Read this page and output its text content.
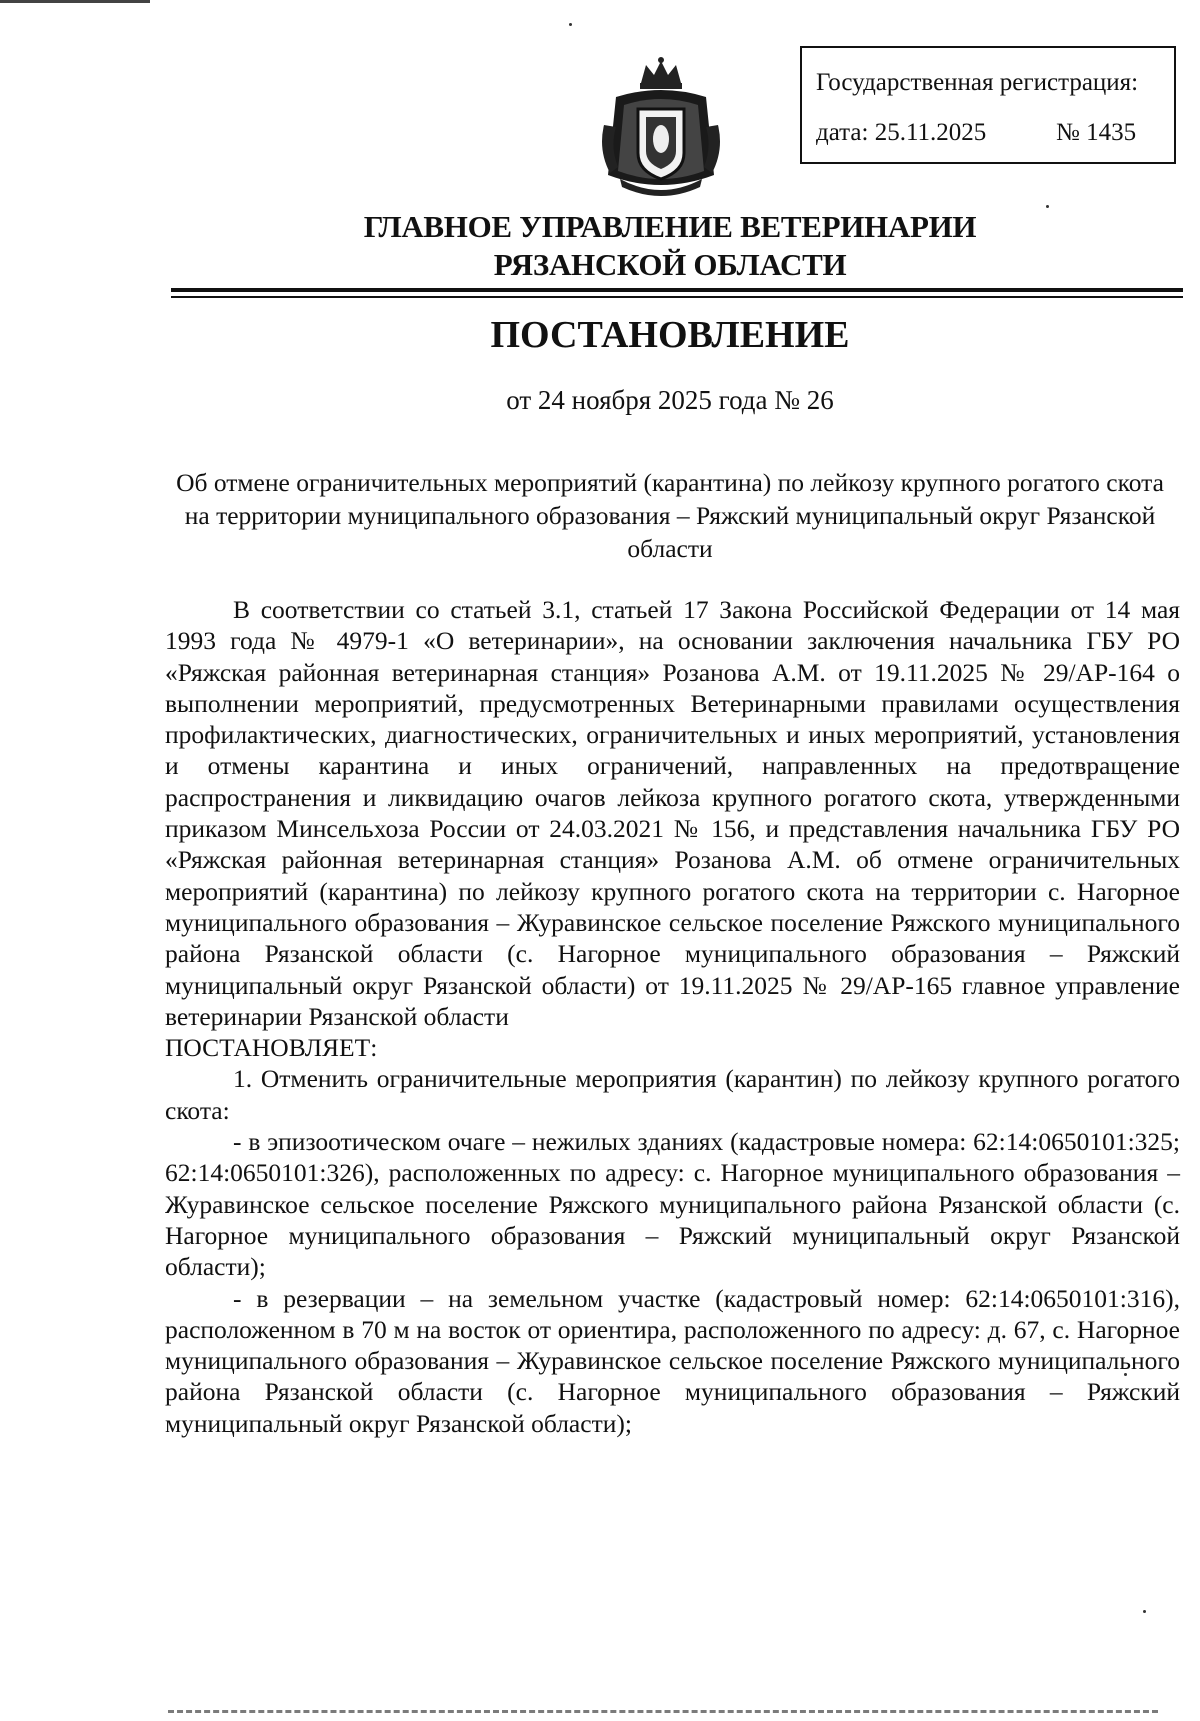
Государственная регистрация:
дата: 25.11.2025	№ 1435
ГЛАВНОЕ УПРАВЛЕНИЕ ВЕТЕРИНАРИИ
РЯЗАНСКОЙ ОБЛАСТИ
ПОСТАНОВЛЕНИЕ
от 24 ноября 2025 года № 26
Об отмене ограничительных мероприятий (карантина) по лейкозу крупного рогатого скота на территории муниципального образования – Ряжский муниципальный округ Рязанской области

В соответствии со статьей 3.1, статьей 17 Закона Российской Федерации от 14 мая 1993 года № 4979-1 «О ветеринарии», на основании заключения начальника ГБУ РО «Ряжская районная ветеринарная станция» Розанова А.М. от 19.11.2025 № 29/АР-164 о выполнении мероприятий, предусмотренных Ветеринарными правилами осуществления профилактических, диагностических, ограничительных и иных мероприятий, установления и отмены карантина и иных ограничений, направленных на предотвращение распространения и ликвидацию очагов лейкоза крупного рогатого скота, утвержденными приказом Минсельхоза России от 24.03.2021 № 156, и представления начальника ГБУ РО «Ряжская районная ветеринарная станция» Розанова А.М. об отмене ограничительных мероприятий (карантина) по лейкозу крупного рогатого скота на территории с. Нагорное муниципального образования – Журавинское сельское поселение Ряжского муниципального района Рязанской области (с. Нагорное муниципального образования – Ряжский муниципальный округ Рязанской области) от 19.11.2025 № 29/АР-165 главное управление ветеринарии Рязанской области

ПОСТАНОВЛЯЕТ:

1. Отменить ограничительные мероприятия (карантин) по лейкозу крупного рогатого скота:

- в эпизоотическом очаге – нежилых зданиях (кадастровые номера: 62:14:0650101:325; 62:14:0650101:326), расположенных по адресу: с. Нагорное муниципального образования – Журавинское сельское поселение Ряжского муниципального района Рязанской области (с. Нагорное муниципального образования – Ряжский муниципальный округ Рязанской области);

- в резервации – на земельном участке (кадастровый номер: 62:14:0650101:316), расположенном в 70 м на восток от ориентира, расположенного по адресу: д. 67, с. Нагорное муниципального образования – Журавинское сельское поселение Ряжского муниципального района Рязанской области (с. Нагорное муниципального образования – Ряжский муниципальный округ Рязанской области);
